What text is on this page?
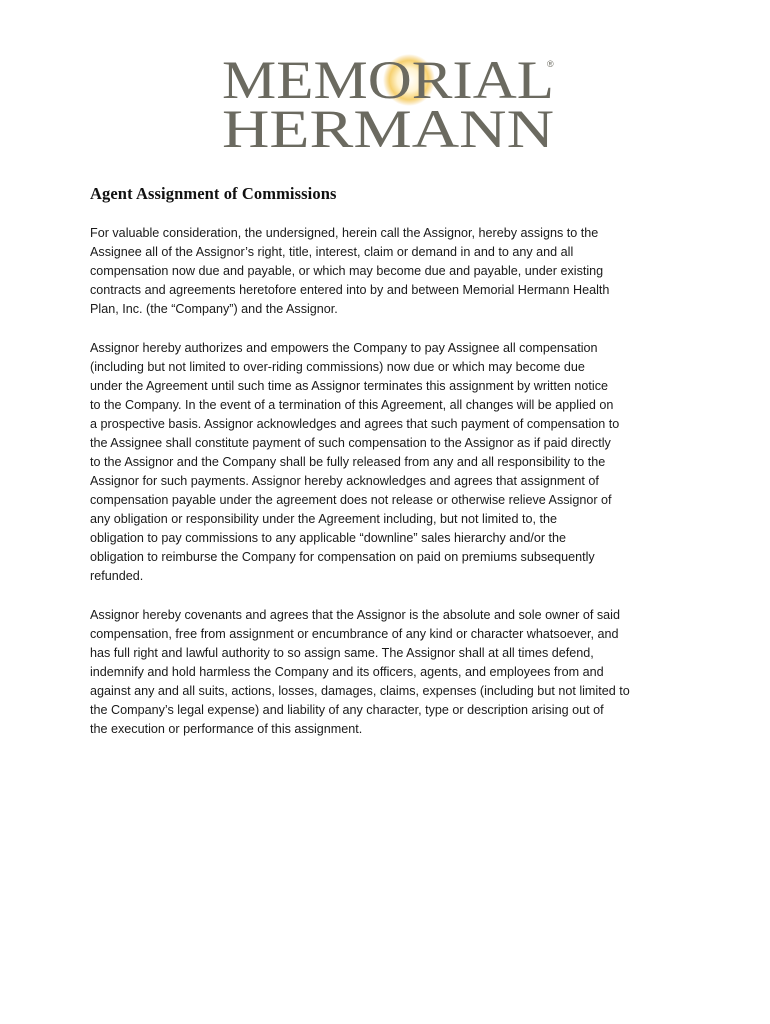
MEMORIAL
®
HERMANN
Agent Assignment of Commissions

For valuable consideration, the undersigned, herein call the Assignor, hereby assigns to the
Assignee all of the Assignor’s right, title, interest, claim or demand in and to any and all
compensation now due and payable, or which may become due and payable, under existing
contracts and agreements heretofore entered into by and between Memorial Hermann Health
Plan, Inc. (the “Company”) and the Assignor.

Assignor hereby authorizes and empowers the Company to pay Assignee all compensation
(including but not limited to over-riding commissions) now due or which may become due
under the Agreement until such time as Assignor terminates this assignment by written notice
to the Company. In the event of a termination of this Agreement, all changes will be applied on
a prospective basis. Assignor acknowledges and agrees that such payment of compensation to
the Assignee shall constitute payment of such compensation to the Assignor as if paid directly
to the Assignor and the Company shall be fully released from any and all responsibility to the
Assignor for such payments. Assignor hereby acknowledges and agrees that assignment of
compensation payable under the agreement does not release or otherwise relieve Assignor of
any obligation or responsibility under the Agreement including, but not limited to, the
obligation to pay commissions to any applicable “downline” sales hierarchy and/or the
obligation to reimburse the Company for compensation on paid on premiums subsequently
refunded.

Assignor hereby covenants and agrees that the Assignor is the absolute and sole owner of said
compensation, free from assignment or encumbrance of any kind or character whatsoever, and
has full right and lawful authority to so assign same. The Assignor shall at all times defend,
indemnify and hold harmless the Company and its officers, agents, and employees from and
against any and all suits, actions, losses, damages, claims, expenses (including but not limited to
the Company’s legal expense) and liability of any character, type or description arising out of
the execution or performance of this assignment.
